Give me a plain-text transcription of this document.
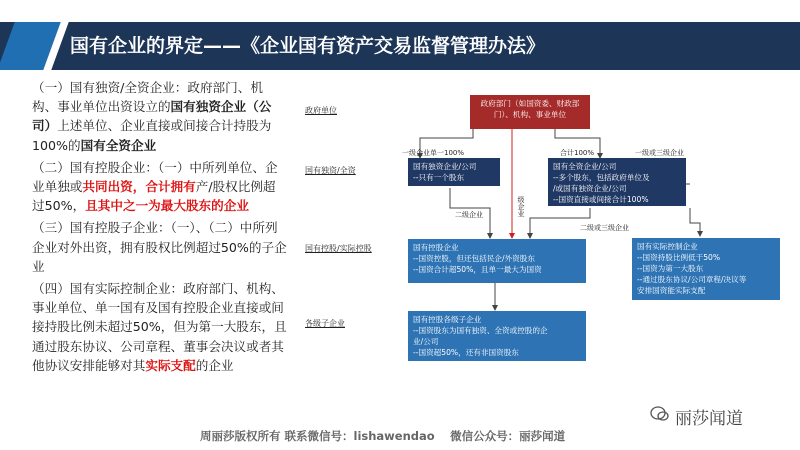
国有企业的界定——《企业国有资产交易监督管理办法》

（一）国有独资/全资企业：政府部门、机构、事业单位出资设立的国有独资企业（公司）上述单位、企业直接或间接合计持股为100%的国有全资企业

（二）国有控股企业：（一）中所列单位、企业单独或共同出资，合计拥有产/股权比例超过50%，且其中之一为最大股东的企业

（三）国有控股子企业：（一）、（二）中所列企业对外出资，拥有股权比例超过50%的子企业

（四）国有实际控制企业：政府部门、机构、事业单位、单一国有及国有控股企业直接或间接持股比例未超过50%，但为第一大股东，且通过股东协议、公司章程、董事会决议或者其他协议安排能够对其实际支配的企业

政府单位
国有独资/全资
国有控股/实际控股
各级子企业
政府部门（如国资委、财政部
门）、机构、事业单位
单一100%	合计100%
一级企业	一级或三级企业
国有独资企业/公司
--只有一个股东
国有全资企业/公司
--多个股东，包括政府单位及
/或国有独资企业/公司
--国资直接或间接合计100%
二级企业
二级或三级企业
级企业
国有控股企业
--国资控股，但还包括民企/外资股东
--国资合计超50%，且单一最大为国资
国有实际控制企业
--国资持股比例低于50%
--国资为第一大股东
--通过股东协议/公司章程/决议等
安排国资能实际支配
国有控股各级子企业
--国资股东为国有独资、全资或控股的企
业/公司
--国资超50%，还有非国资股东
丽莎闻道
周丽莎版权所有 联系微信号：lishawendao　 微信公众号：丽莎闻道
